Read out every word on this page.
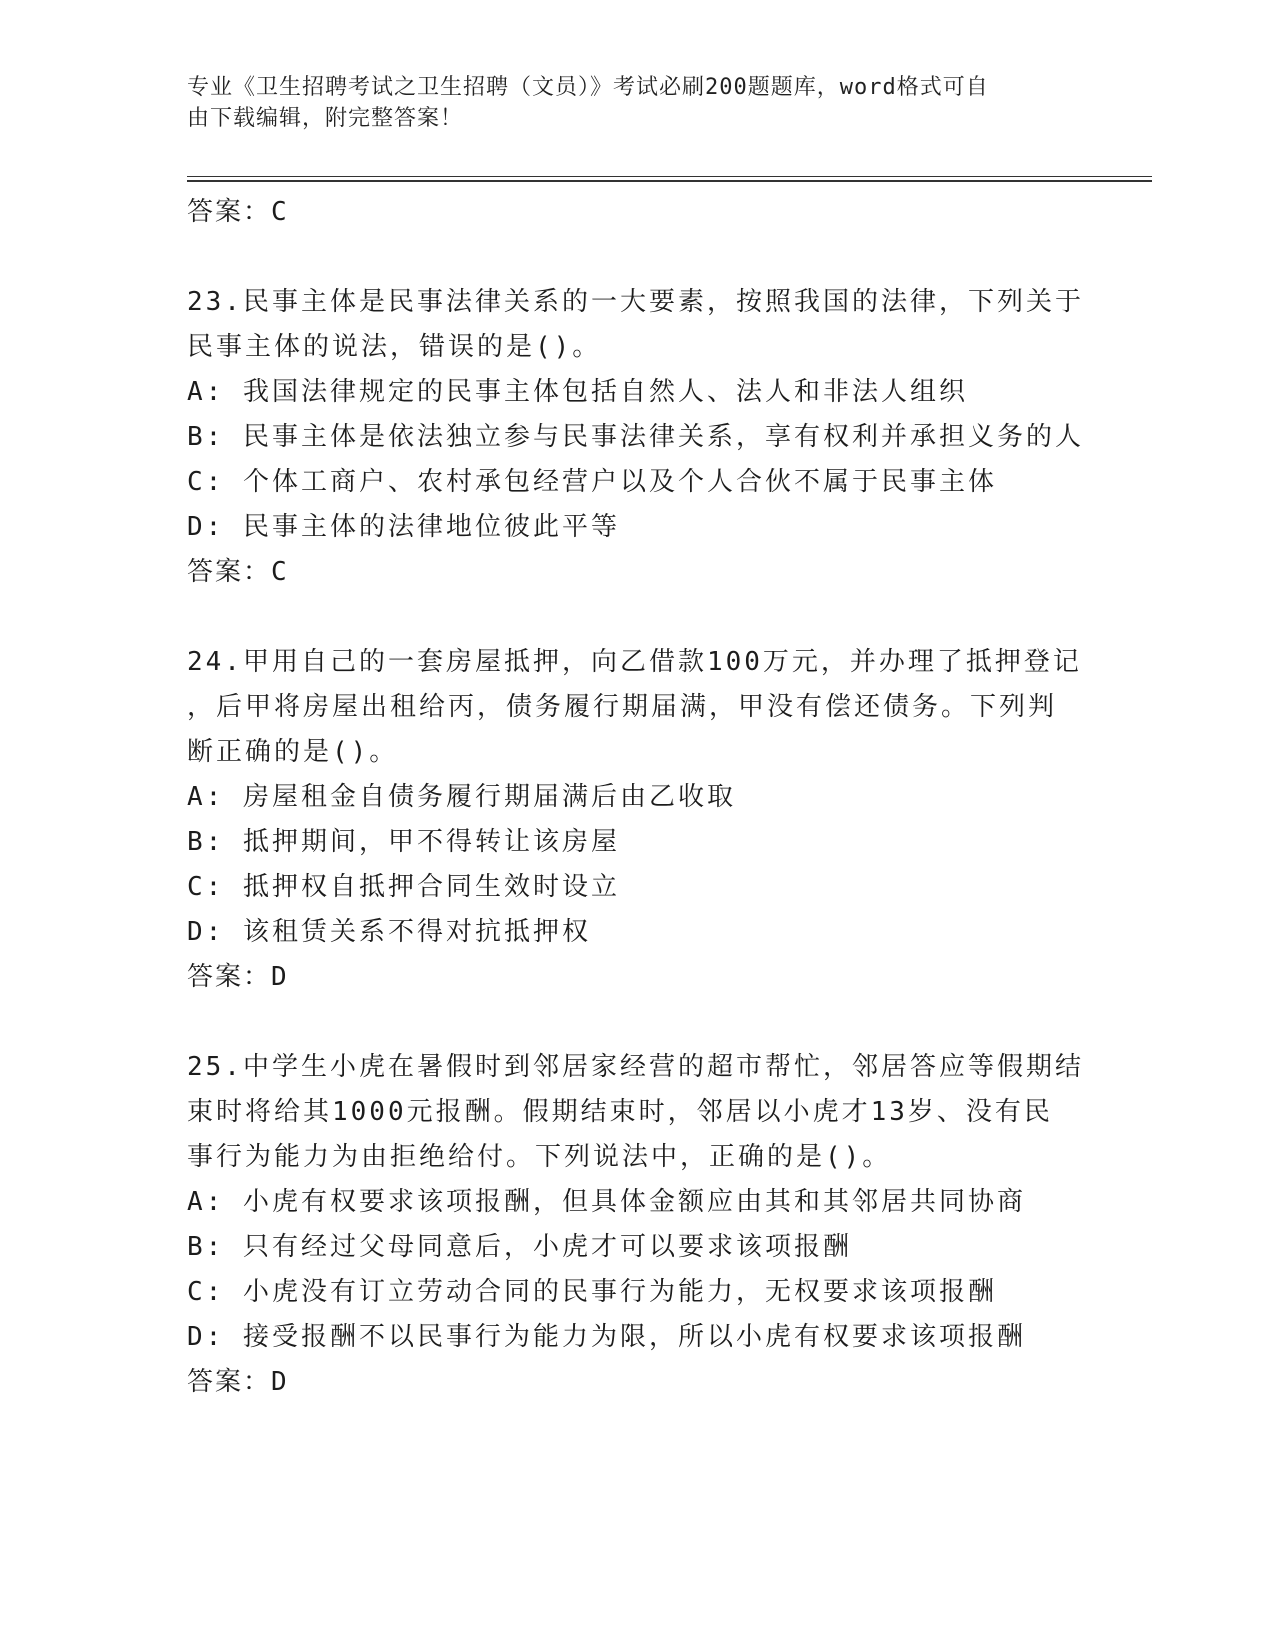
专业《卫生招聘考试之卫生招聘（文员）》考试必刷200题题库，word格式可自
由下载编辑，附完整答案！
答案：C
23.民事主体是民事法律关系的一大要素，按照我国的法律，下列关于
民事主体的说法，错误的是()。
A: 我国法律规定的民事主体包括自然人、法人和非法人组织
B: 民事主体是依法独立参与民事法律关系，享有权利并承担义务的人
C: 个体工商户、农村承包经营户以及个人合伙不属于民事主体
D: 民事主体的法律地位彼此平等
答案：C
24.甲用自己的一套房屋抵押，向乙借款100万元，并办理了抵押登记
，后甲将房屋出租给丙，债务履行期届满，甲没有偿还债务。下列判
断正确的是()。
A: 房屋租金自债务履行期届满后由乙收取
B: 抵押期间，甲不得转让该房屋
C: 抵押权自抵押合同生效时设立
D: 该租赁关系不得对抗抵押权
答案：D
25.中学生小虎在暑假时到邻居家经营的超市帮忙，邻居答应等假期结
束时将给其1000元报酬。假期结束时，邻居以小虎才13岁、没有民
事行为能力为由拒绝给付。下列说法中，正确的是()。
A: 小虎有权要求该项报酬，但具体金额应由其和其邻居共同协商
B: 只有经过父母同意后，小虎才可以要求该项报酬
C: 小虎没有订立劳动合同的民事行为能力，无权要求该项报酬
D: 接受报酬不以民事行为能力为限，所以小虎有权要求该项报酬
答案：D
